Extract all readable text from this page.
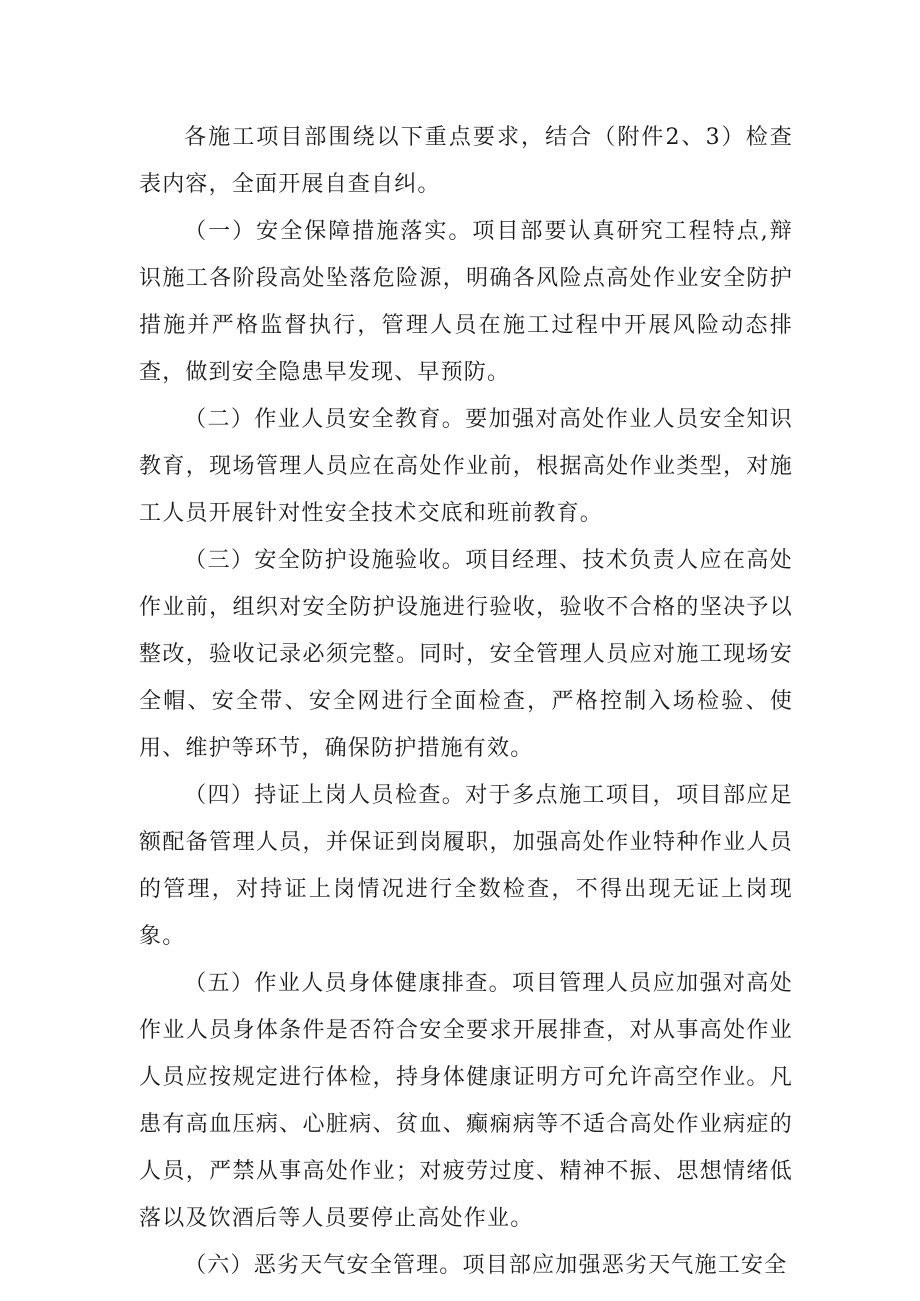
各施工项目部围绕以下重点要求，结合（附件2、3）检查表内容，全面开展自查自纠。

（一）安全保障措施落实。项目部要认真研究工程特点,辩识施工各阶段高处坠落危险源，明确各风险点高处作业安全防护措施并严格监督执行，管理人员在施工过程中开展风险动态排查，做到安全隐患早发现、早预防。

（二）作业人员安全教育。要加强对高处作业人员安全知识教育，现场管理人员应在高处作业前，根据高处作业类型，对施工人员开展针对性安全技术交底和班前教育。

（三）安全防护设施验收。项目经理、技术负责人应在高处作业前，组织对安全防护设施进行验收，验收不合格的坚决予以整改，验收记录必须完整。同时，安全管理人员应对施工现场安全帽、安全带、安全网进行全面检查，严格控制入场检验、使用、维护等环节，确保防护措施有效。

（四）持证上岗人员检查。对于多点施工项目，项目部应足额配备管理人员，并保证到岗履职，加强高处作业特种作业人员的管理，对持证上岗情况进行全数检查，不得出现无证上岗现象。

（五）作业人员身体健康排查。项目管理人员应加强对高处作业人员身体条件是否符合安全要求开展排查，对从事高处作业人员应按规定进行体检，持身体健康证明方可允许高空作业。凡患有高血压病、心脏病、贫血、癫痫病等不适合高处作业病症的人员，严禁从事高处作业；对疲劳过度、精神不振、思想情绪低落以及饮酒后等人员要停止高处作业。

（六）恶劣天气安全管理。项目部应加强恶劣天气施工安全
